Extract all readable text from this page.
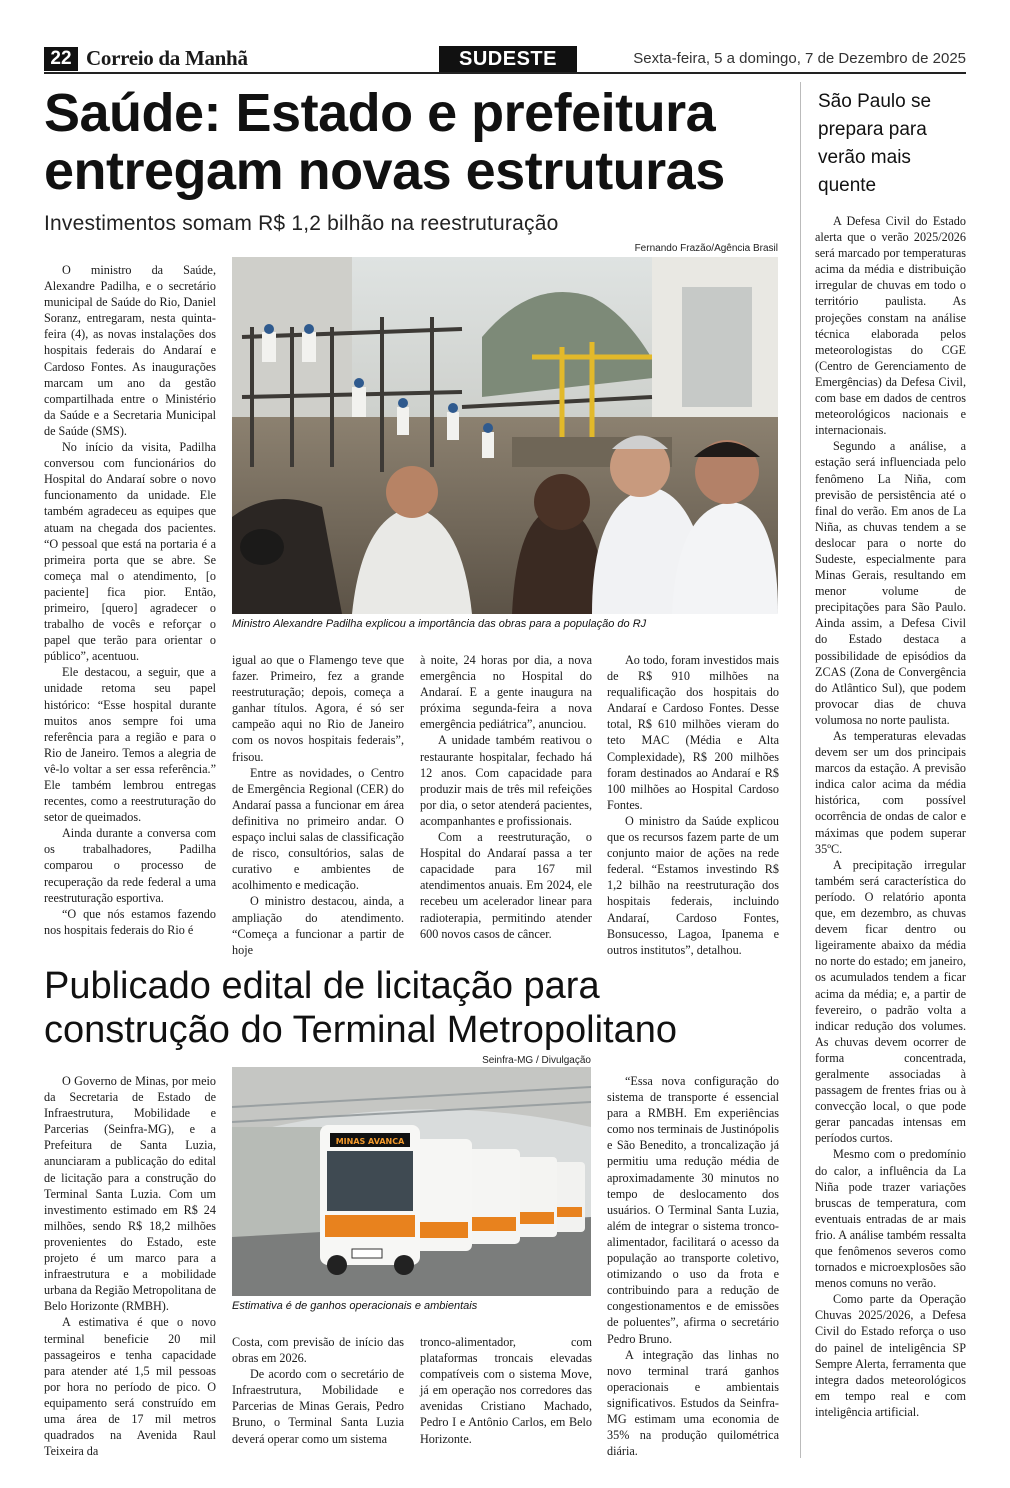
22 Correio da Manhã	SUDESTE	Sexta-feira, 5 a domingo, 7 de Dezembro de 2025
Saúde: Estado e prefeitura entregam novas estruturas
Investimentos somam R$ 1,2 bilhão na reestruturação
Fernando Frazão/Agência Brasil
Ministro Alexandre Padilha explicou a importância das obras para a população do RJ

O ministro da Saúde, Alexandre Padilha, e o secretário municipal de Saúde do Rio, Daniel Soranz, entregaram, nesta quinta-feira (4), as novas instalações dos hospitais federais do Andaraí e Cardoso Fontes. As inaugurações marcam um ano da gestão compartilhada entre o Ministério da Saúde e a Secretaria Municipal de Saúde (SMS).

No início da visita, Padilha conversou com funcionários do Hospital do Andaraí sobre o novo funcionamento da unidade. Ele também agradeceu as equipes que atuam na chegada dos pacientes. “O pessoal que está na portaria é a primeira porta que se abre. Se começa mal o atendimento, [o paciente] fica pior. Então, primeiro, [quero] agradecer o trabalho de vocês e reforçar o papel que terão para orientar o público”, acentuou.

Ele destacou, a seguir, que a unidade retoma seu papel histórico: “Esse hospital durante muitos anos sempre foi uma referência para a região e para o Rio de Janeiro. Temos a alegria de vê-lo voltar a ser essa referência.” Ele também lembrou entregas recentes, como a reestruturação do setor de queimados.

Ainda durante a conversa com os trabalhadores, Padilha comparou o processo de recuperação da rede federal a uma reestruturação esportiva.

“O que nós estamos fazendo nos hospitais federais do Rio é

igual ao que o Flamengo teve que fazer. Primeiro, fez a grande reestruturação; depois, começa a ganhar títulos. Agora, é só ser campeão aqui no Rio de Janeiro com os novos hospitais federais”, frisou.

Entre as novidades, o Centro de Emergência Regional (CER) do Andaraí passa a funcionar em área definitiva no primeiro andar. O espaço inclui salas de classificação de risco, consultórios, salas de curativo e ambientes de acolhimento e medicação.

O ministro destacou, ainda, a ampliação do atendimento. “Começa a funcionar a partir de hoje

à noite, 24 horas por dia, a nova emergência no Hospital do Andaraí. E a gente inaugura na próxima segunda-feira a nova emergência pediátrica”, anunciou.

A unidade também reativou o restaurante hospitalar, fechado há 12 anos. Com capacidade para produzir mais de três mil refeições por dia, o setor atenderá pacientes, acompanhantes e profissionais.

Com a reestruturação, o Hospital do Andaraí passa a ter capacidade para 167 mil atendimentos anuais. Em 2024, ele recebeu um acelerador linear para radioterapia, permitindo atender 600 novos casos de câncer.

Ao todo, foram investidos mais de R$ 910 milhões na requalificação dos hospitais do Andaraí e Cardoso Fontes. Desse total, R$ 610 milhões vieram do teto MAC (Média e Alta Complexidade), R$ 200 milhões foram destinados ao Andaraí e R$ 100 milhões ao Hospital Cardoso Fontes.

O ministro da Saúde explicou que os recursos fazem parte de um conjunto maior de ações na rede federal. “Estamos investindo R$ 1,2 bilhão na reestruturação dos hospitais federais, incluindo Andaraí, Cardoso Fontes, Bonsucesso, Lagoa, Ipanema e outros institutos”, detalhou.

Publicado edital de licitação para construção do Terminal Metropolitano
Seinfra-MG / Divulgação
MINAS AVANCA
Estimativa é de ganhos operacionais e ambientais

O Governo de Minas, por meio da Secretaria de Estado de Infraestrutura, Mobilidade e Parcerias (Seinfra-MG), e a Prefeitura de Santa Luzia, anunciaram a publicação do edital de licitação para a construção do Terminal Santa Luzia. Com um investimento estimado em R$ 24 milhões, sendo R$ 18,2 milhões provenientes do Estado, este projeto é um marco para a infraestrutura e a mobilidade urbana da Região Metropolitana de Belo Horizonte (RMBH).

A estimativa é que o novo terminal beneficie 20 mil passageiros e tenha capacidade para atender até 1,5 mil pessoas por hora no período de pico. O equipamento será construído em uma área de 17 mil metros quadrados na Avenida Raul Teixeira da

Costa, com previsão de início das obras em 2026.

De acordo com o secretário de Infraestrutura, Mobilidade e Parcerias de Minas Gerais, Pedro Bruno, o Terminal Santa Luzia deverá operar como um sistema

tronco-alimentador, com plataformas troncais elevadas compatíveis com o sistema Move, já em operação nos corredores das avenidas Cristiano Machado, Pedro I e Antônio Carlos, em Belo Horizonte.

“Essa nova configuração do sistema de transporte é essencial para a RMBH. Em experiências como nos terminais de Justinópolis e São Benedito, a troncalização já permitiu uma redução média de aproximadamente 30 minutos no tempo de deslocamento dos usuários. O Terminal Santa Luzia, além de integrar o sistema tronco-alimentador, facilitará o acesso da população ao transporte coletivo, otimizando o uso da frota e contribuindo para a redução de congestionamentos e de emissões de poluentes”, afirma o secretário Pedro Bruno.

A integração das linhas no novo terminal trará ganhos operacionais e ambientais significativos. Estudos da Seinfra-MG estimam uma economia de 35% na produção quilométrica diária.

São Paulo se prepara para verão mais quente

A Defesa Civil do Estado alerta que o verão 2025/2026 será marcado por temperaturas acima da média e distribuição irregular de chuvas em todo o território paulista. As projeções constam na análise técnica elaborada pelos meteorologistas do CGE (Centro de Gerenciamento de Emergências) da Defesa Civil, com base em dados de centros meteorológicos nacionais e internacionais.

Segundo a análise, a estação será influenciada pelo fenômeno La Niña, com previsão de persistência até o final do verão. Em anos de La Niña, as chuvas tendem a se deslocar para o norte do Sudeste, especialmente para Minas Gerais, resultando em menor volume de precipitações para São Paulo. Ainda assim, a Defesa Civil do Estado destaca a possibilidade de episódios da ZCAS (Zona de Convergência do Atlântico Sul), que podem provocar dias de chuva volumosa no norte paulista.

As temperaturas elevadas devem ser um dos principais marcos da estação. A previsão indica calor acima da média histórica, com possível ocorrência de ondas de calor e máximas que podem superar 35ºC.

A precipitação irregular também será característica do período. O relatório aponta que, em dezembro, as chuvas devem ficar dentro ou ligeiramente abaixo da média no norte do estado; em janeiro, os acumulados tendem a ficar acima da média; e, a partir de fevereiro, o padrão volta a indicar redução dos volumes. As chuvas devem ocorrer de forma concentrada, geralmente associadas à passagem de frentes frias ou à convecção local, o que pode gerar pancadas intensas em períodos curtos.

Mesmo com o predomínio do calor, a influência da La Niña pode trazer variações bruscas de temperatura, com eventuais entradas de ar mais frio. A análise também ressalta que fenômenos severos como tornados e microexplosões são menos comuns no verão.

Como parte da Operação Chuvas 2025/2026, a Defesa Civil do Estado reforça o uso do painel de inteligência SP Sempre Alerta, ferramenta que integra dados meteorológicos em tempo real e com inteligência artificial.
